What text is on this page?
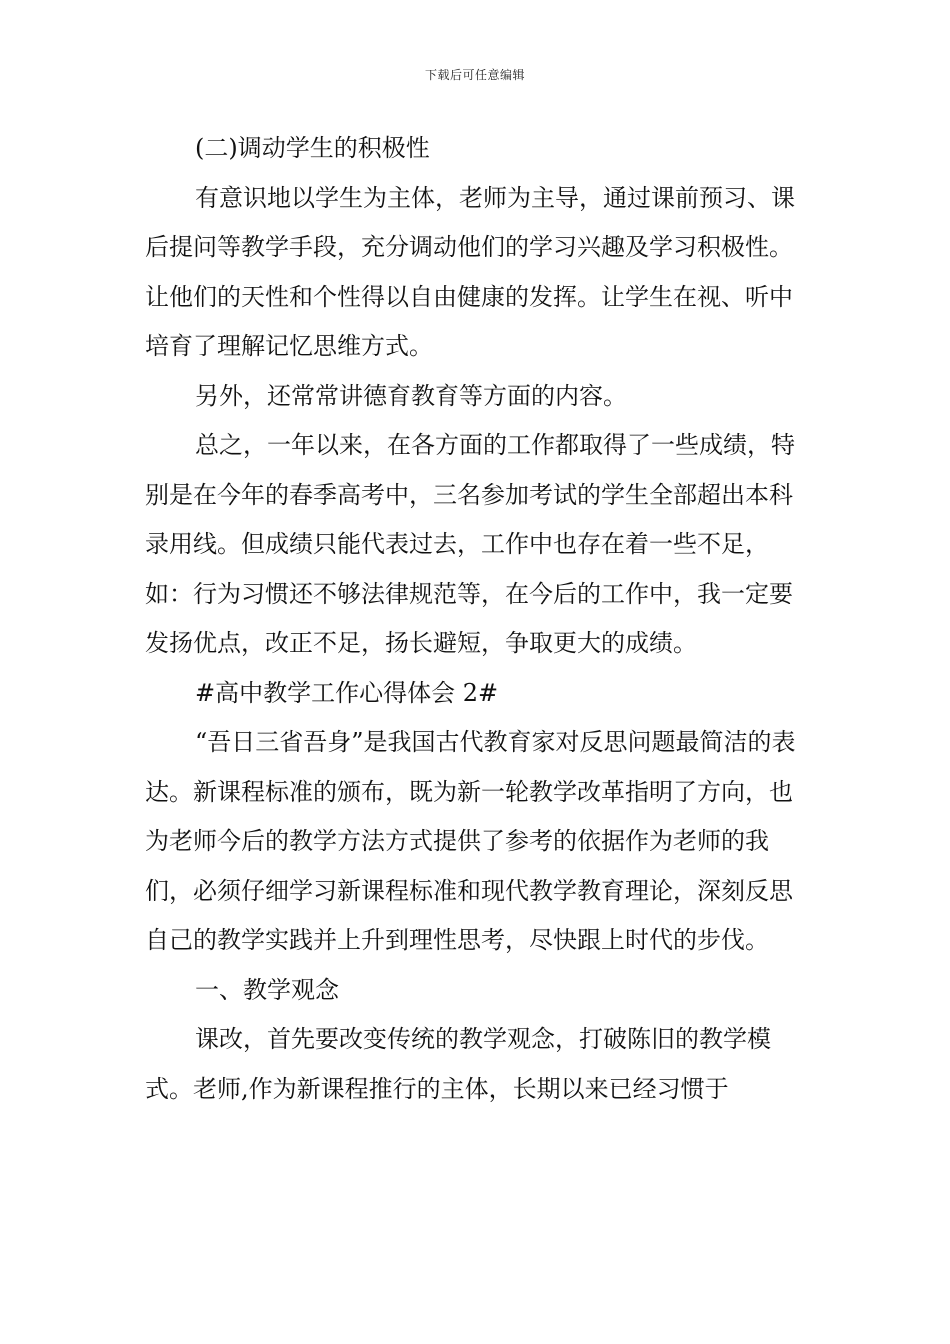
下载后可任意编辑

(二)调动学生的积极性

有意识地以学生为主体，老师为主导，通过课前预习、课后提问等教学手段，充分调动他们的学习兴趣及学习积极性。让他们的天性和个性得以自由健康的发挥。让学生在视、听中培育了理解记忆思维方式。

另外，还常常讲德育教育等方面的内容。

总之，一年以来，在各方面的工作都取得了一些成绩，特别是在今年的春季高考中，三名参加考试的学生全部超出本科录用线。但成绩只能代表过去，工作中也存在着一些不足，如：行为习惯还不够法律规范等，在今后的工作中，我一定要发扬优点，改正不足，扬长避短，争取更大的成绩。

#高中教学工作心得体会 2#

“吾日三省吾身”是我国古代教育家对反思问题最简洁的表达。新课程标准的颁布，既为新一轮教学改革指明了方向，也为老师今后的教学方法方式提供了参考的依据作为老师的我们，必须仔细学习新课程标准和现代教学教育理论，深刻反思自己的教学实践并上升到理性思考，尽快跟上时代的步伐。

一、教学观念

课改，首先要改变传统的教学观念，打破陈旧的教学模式。老师,作为新课程推行的主体，长期以来已经习惯于
